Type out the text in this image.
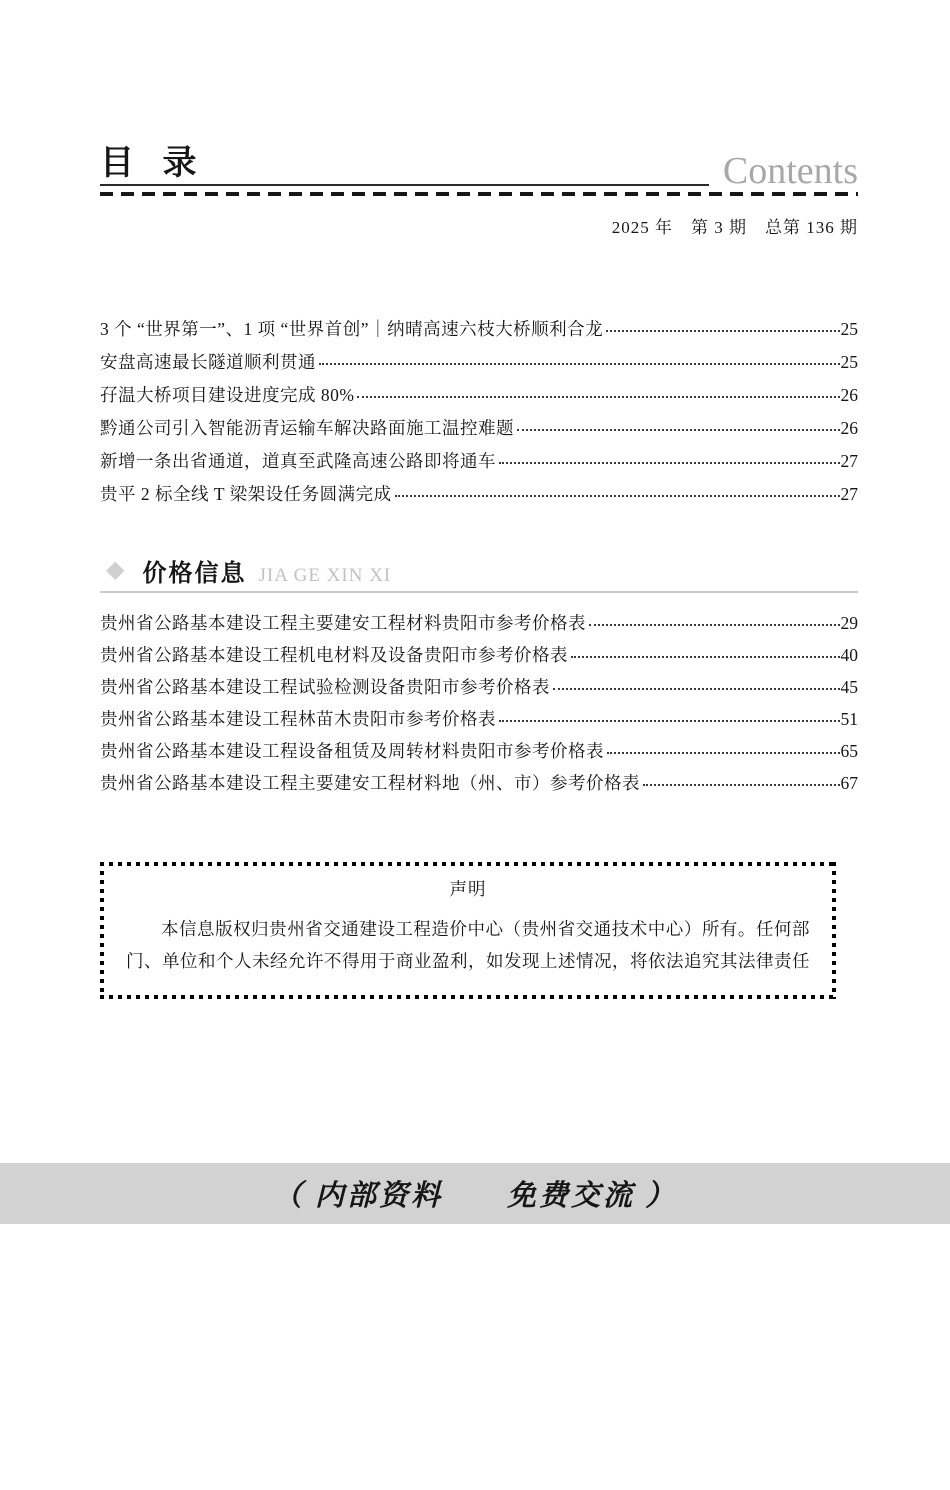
目 录	Contents
2025 年　第 3 期　总第 136 期
3 个 “世界第一”、1 项 “世界首创”｜纳晴高速六枝大桥顺利合龙	25
安盘高速最长隧道顺利贯通	25
孖温大桥项目建设进度完成 80%	26
黔通公司引入智能沥青运输车解决路面施工温控难题	26
新增一条出省通道，道真至武隆高速公路即将通车	27
贵平 2 标全线 T 梁架设任务圆满完成	27
◆ 价格信息 JIA GE XIN XI
贵州省公路基本建设工程主要建安工程材料贵阳市参考价格表	29
贵州省公路基本建设工程机电材料及设备贵阳市参考价格表	40
贵州省公路基本建设工程试验检测设备贵阳市参考价格表	45
贵州省公路基本建设工程林苗木贵阳市参考价格表	51
贵州省公路基本建设工程设备租赁及周转材料贵阳市参考价格表	65
贵州省公路基本建设工程主要建安工程材料地（州、市）参考价格表	67
声明

本信息版权归贵州省交通建设工程造价中心（贵州省交通技术中心）所有。任何部门、单位和个人未经允许不得用于商业盈利，如发现上述情况，将依法追究其法律责任

（ 内部资料　　免费交流 ）
